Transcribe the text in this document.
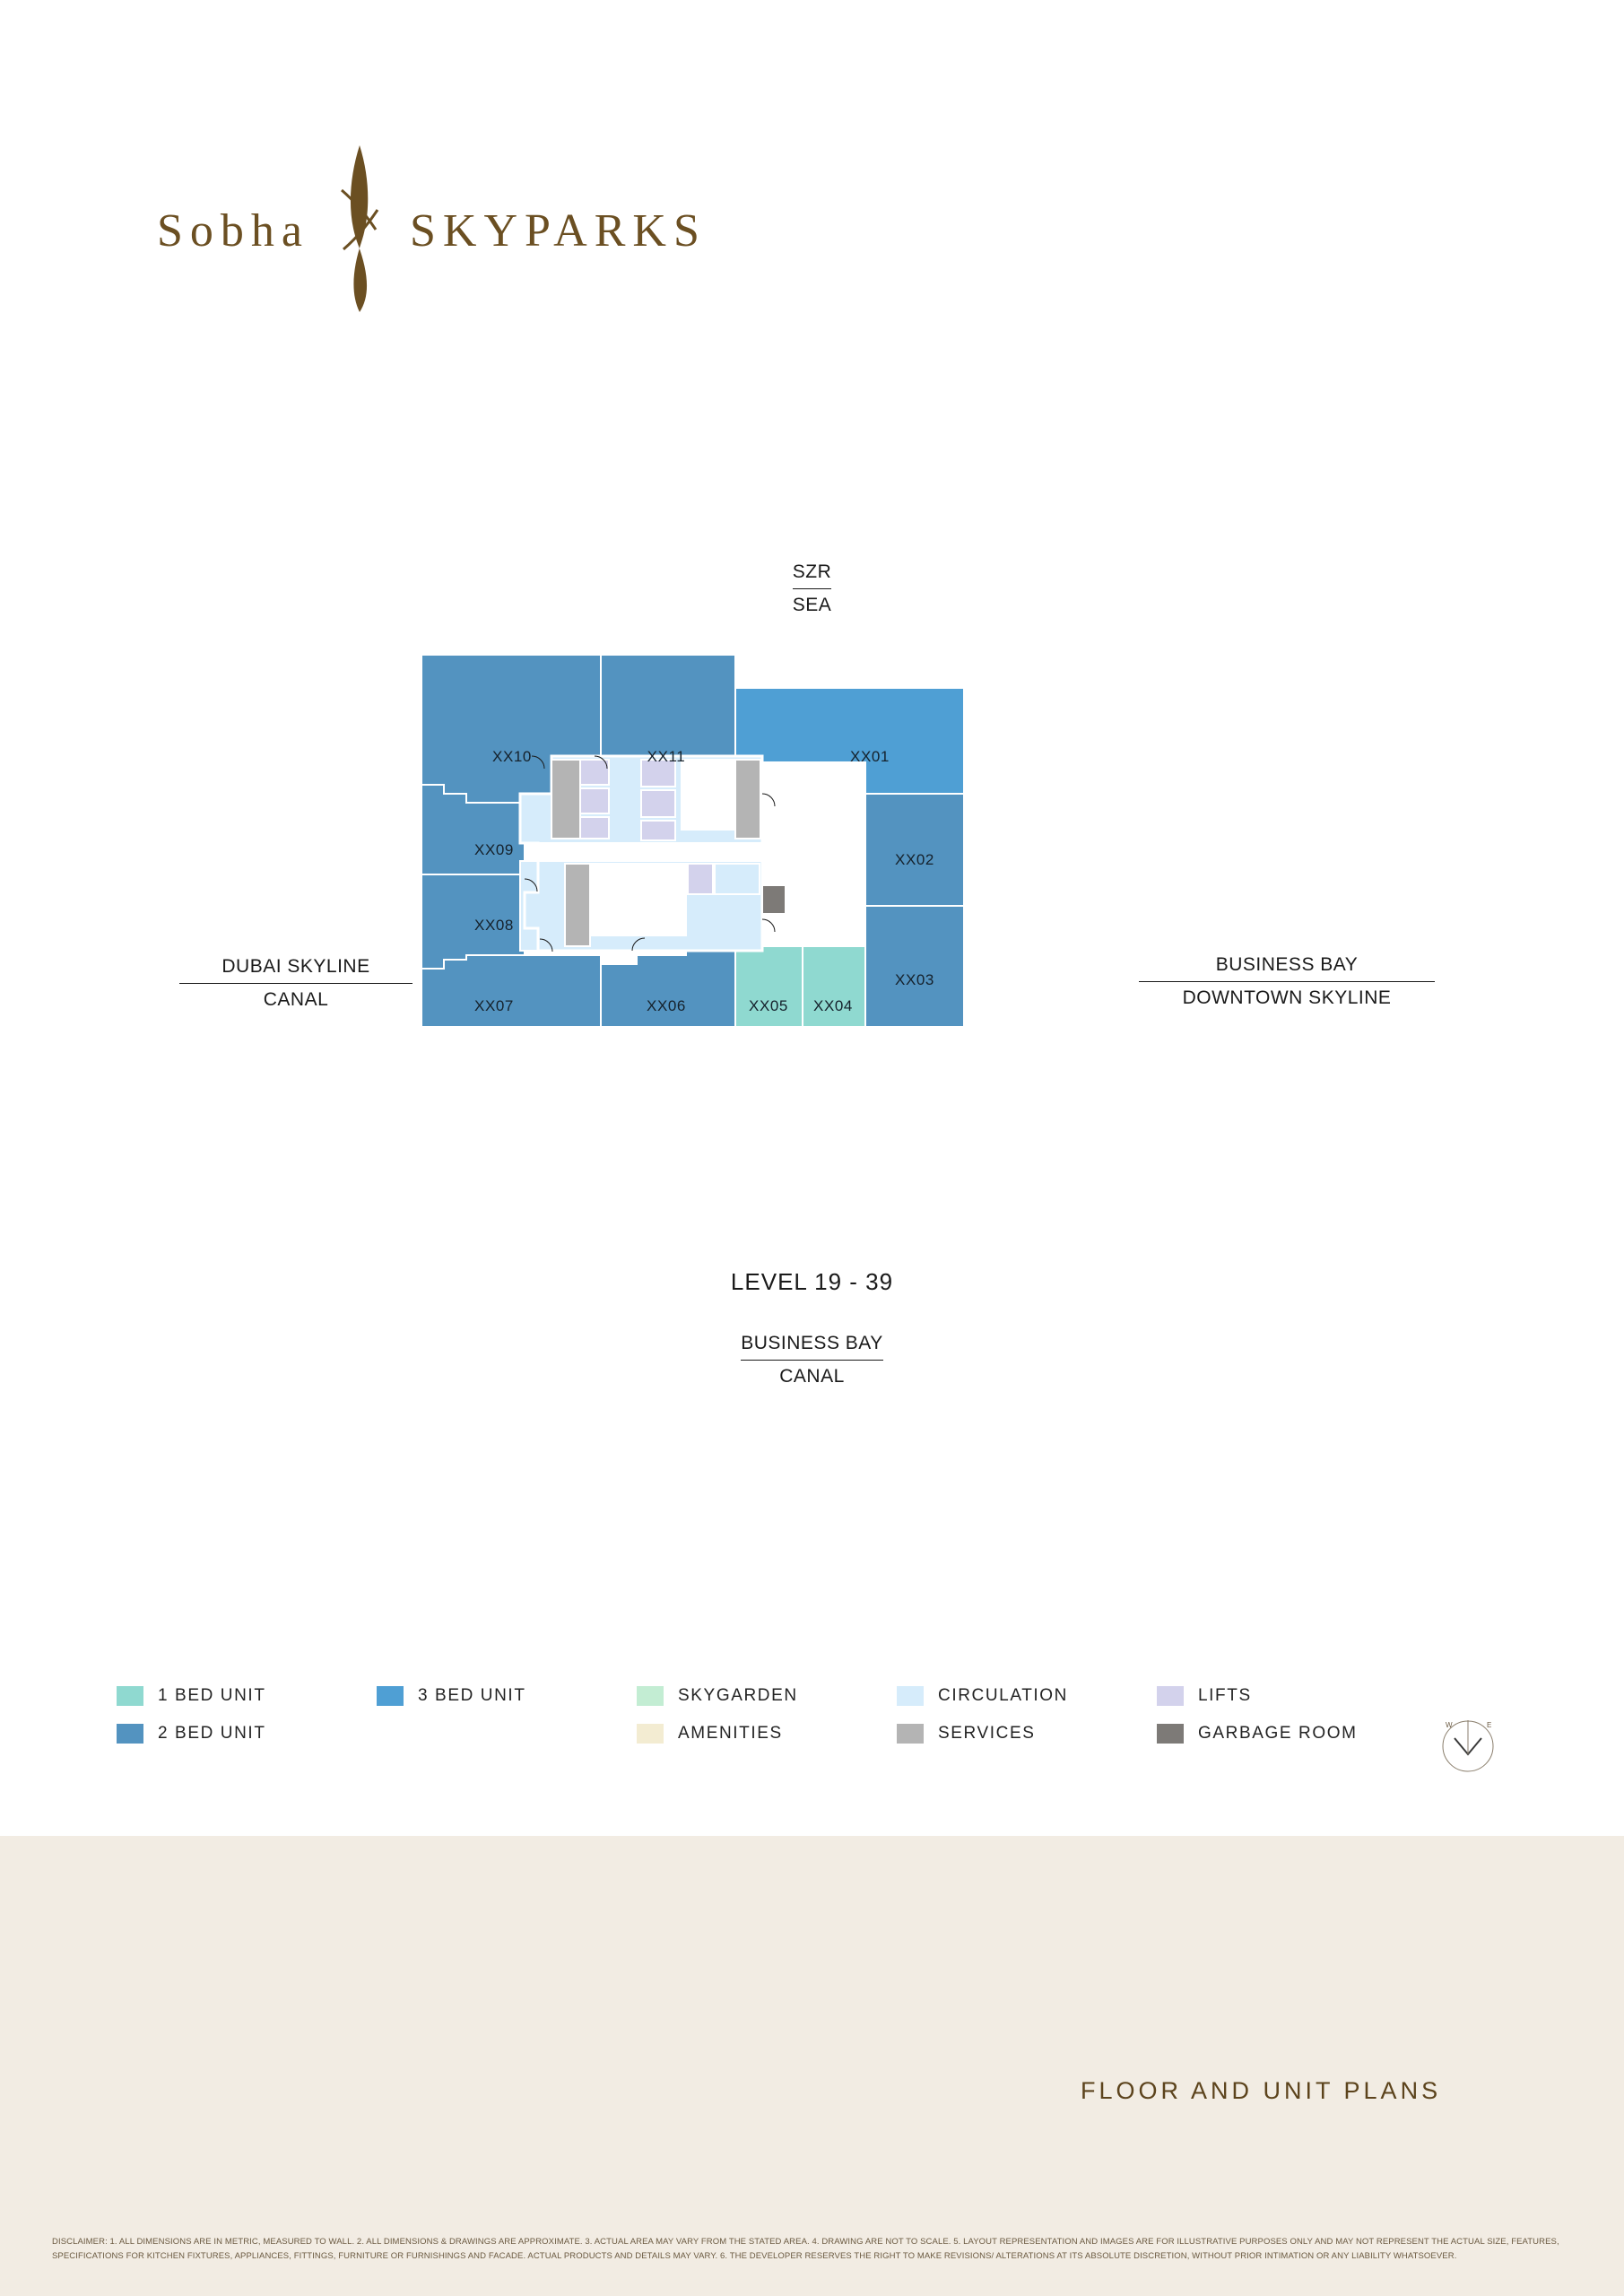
SZR
SEA
DUBAI SKYLINE
CANAL
BUSINESS BAY
DOWNTOWN SKYLINE
LEVEL 19 - 39
BUSINESS BAY
CANAL
XX10	XX11	XX01
XX09
XX02
XX08
XX03
XX07	XX06	XX05 XX04
1 BED UNIT	3 BED UNIT	SKYGARDEN	CIRCULATION	LIFTS
2 BED UNIT	AMENITIES	SERVICES	GARBAGE ROOM	W	E
Sobha SKYPARKS
FLOOR AND UNIT PLANS
DISCLAIMER: 1. ALL DIMENSIONS ARE IN METRIC, MEASURED TO WALL. 2. ALL DIMENSIONS & DRAWINGS ARE APPROXIMATE. 3. ACTUAL AREA MAY VARY FROM THE STATED AREA. 4. DRAWING ARE NOT TO SCALE. 5. LAYOUT REPRESENTATION AND IMAGES ARE FOR ILLUSTRATIVE PURPOSES ONLY AND MAY NOT REPRESENT THE ACTUAL SIZE, FEATURES, SPECIFICATIONS FOR KITCHEN FIXTURES, APPLIANCES, FITTINGS, FURNITURE OR FURNISHINGS AND FACADE. ACTUAL PRODUCTS AND DETAILS MAY VARY. 6. THE DEVELOPER RESERVES THE RIGHT TO MAKE REVISIONS/ ALTERATIONS AT ITS ABSOLUTE DISCRETION, WITHOUT PRIOR INTIMATION OR ANY LIABILITY WHATSOEVER.
